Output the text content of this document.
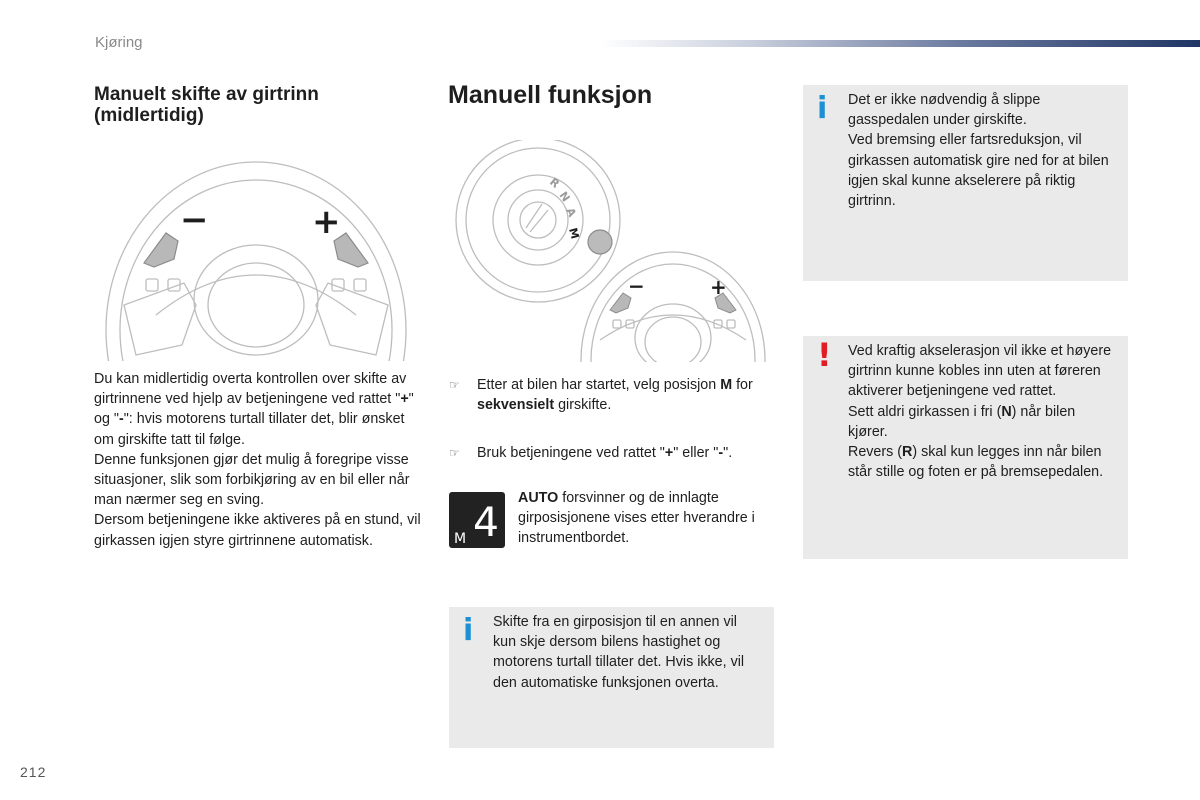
Kjøring
Manuelt skifte av girtrinn (midlertidig)
−	+

Du kan midlertidig overta kontrollen over skifte av girtrinnene ved hjelp av betjeningene ved rattet "+" og "-": hvis motorens turtall tillater det, blir ønsket om girskifte tatt til følge.

Denne funksjonen gjør det mulig å foregripe visse situasjoner, slik som forbikjøring av en bil eller når man nærmer seg en sving.

Dersom betjeningene ikke aktiveres på en stund, vil girkassen igjen styre girtrinnene automatisk.

Manuell funksjon
R
N
A
M
−	+
☞ Etter at bilen har startet, velg posisjon M for sekvensielt girskifte.
☞ Bruk betjeningene ved rattet "+" eller "-".
M 4
AUTO forsvinner og de innlagte girposisjonene vises etter hverandre i instrumentbordet.
i Skifte fra en girposisjon til en annen vil kun skje dersom bilens hastighet og motorens turtall tillater det. Hvis ikke, vil den automatiske funksjonen overta.

i Det er ikke nødvendig å slippe gasspedalen under girskifte.

Ved bremsing eller fartsreduksjon, vil girkassen automatisk gire ned for at bilen igjen skal kunne akselerere på riktig girtrinn.

! Ved kraftig akselerasjon vil ikke et høyere girtrinn kunne kobles inn uten at føreren aktiverer betjeningene ved rattet.

Sett aldri girkassen i fri (N) når bilen kjører.

Revers (R) skal kun legges inn når bilen står stille og foten er på bremsepedalen.

212
